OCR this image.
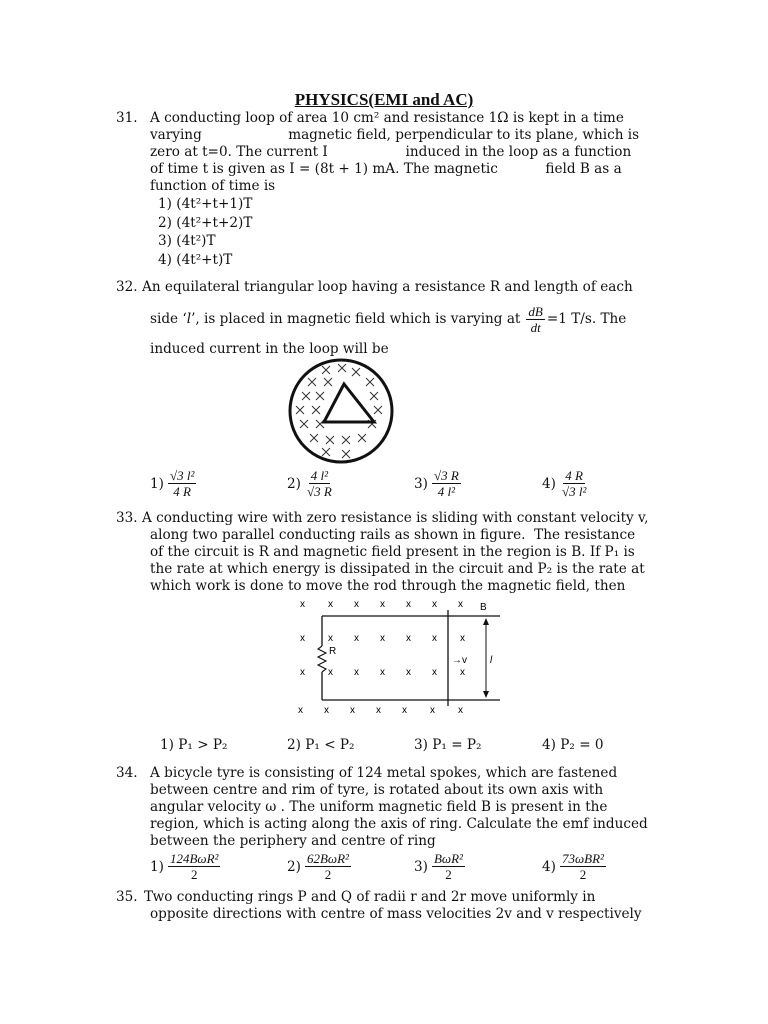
PHYSICS(EMI and AC)
31. A conducting loop of area 10 cm² and resistance 1Ω is kept in a time
varying                    magnetic field, perpendicular to its plane, which is
zero at t=0. The current I                  induced in the loop as a function
of time t is given as I = (8t + 1) mA. The magnetic           field B as a
function of time is
1) (4t²+t+1)T
2) (4t²+t+2)T
3) (4t²)T
4) (4t²+t)T
32. An equilateral triangular loop having a resistance R and length of each
side ‘ l ’, is placed in magnetic field which is varying at $\frac{dB}{dt} =1$ T/s. The
induced current in the loop will be
$1) \frac{\text{√3 l²}}{4 R}$	$2) \frac{\text{4 l²}}{√3 R}$	$3) \frac{√3 R}{\text{4 l²}}$	$4) \frac{4 R}{\text{√3 l²}}$
33. A conducting wire with zero resistance is sliding with constant velocity v,
along two parallel conducting rails as shown in figure.  The resistance
of the circuit is R and magnetic field present in the region is B. If P₁ is
the rate at which energy is dissipated in the circuit and P₂ is the rate at
which work is done to move the rod through the magnetic field, then
x x x x x x x
x x x x x x x
x x x x x x x
x x x x x x x
B
R
→v l
1) P₁ > P₂	2) P₁ < P₂	3) P₁ = P₂	4) P₂ = 0
34. A bicycle tyre is consisting of 124 metal spokes, which are fastened
between centre and rim of tyre, is rotated about its own axis with
angular velocity ω . The uniform magnetic field B is present in the
region, which is acting along the axis of ring. Calculate the emf induced
between the periphery and centre of ring
$1) \frac{\text{124BωR²}}{2}$	$2) \frac{\text{62BωR²}}{2}$	$3) \frac{\text{BωR²}}{2}$	$4) \frac{\text{73ωBR²}}{2}$
35. Two conducting rings P and Q of radii r and 2r move uniformly in
opposite directions with centre of mass velocities 2v and v respectively
